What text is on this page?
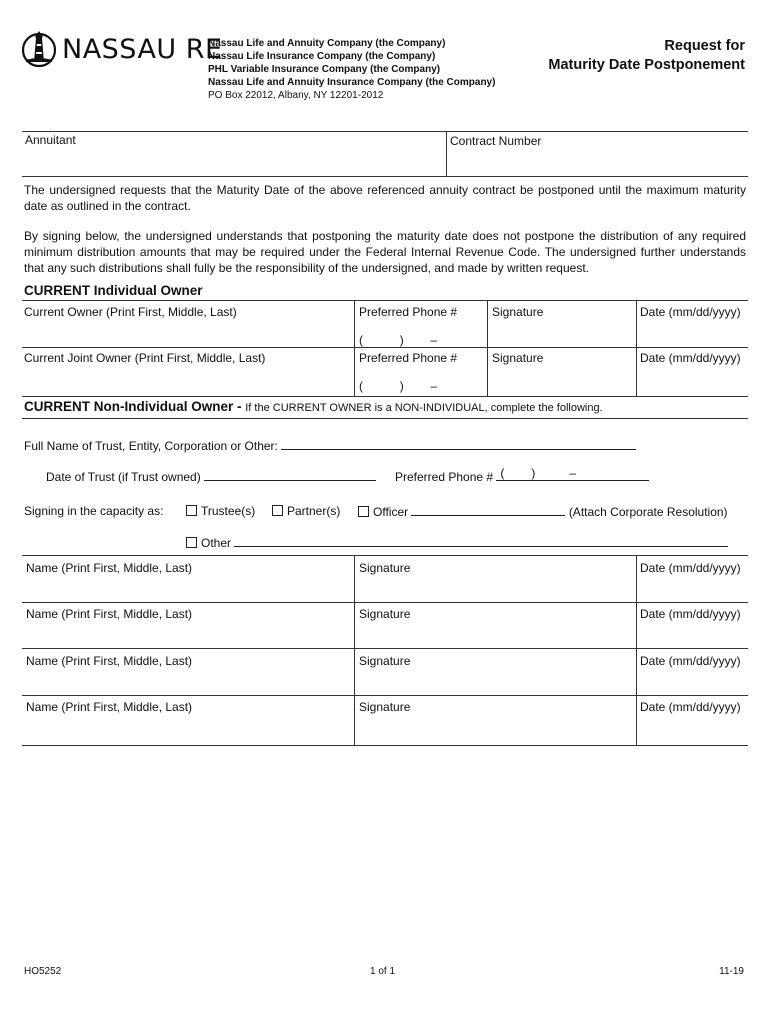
NASSAU RE
Nassau Life and Annuity Company (the Company)
Nassau Life Insurance Company (the Company)
PHL Variable Insurance Company (the Company)
Nassau Life and Annuity Insurance Company (the Company)
PO Box 22012, Albany, NY 12201-2012
Request for
Maturity Date Postponement
Annuitant	Contract Number
The undersigned requests that the Maturity Date of the above referenced annuity contract be postponed until the maximum maturity date as outlined in the contract.
By signing below, the undersigned understands that postponing the maturity date does not postpone the distribution of any required minimum distribution amounts that may be required under the Federal Internal Revenue Code. The undersigned further understands that any such distributions shall fully be the responsibility of the undersigned, and made by written request.
CURRENT Individual Owner
Current Owner (Print First, Middle, Last)	Preferred Phone #	Signature	Date (mm/dd/yyyy)
(	) –
Current Joint Owner (Print First, Middle, Last)	Preferred Phone #	Signature	Date (mm/dd/yyyy)
(	) –
CURRENT Non-Individual Owner - If the CURRENT OWNER is a NON-INDIVIDUAL, complete the following.
Full Name of Trust, Entity, Corporation or Other:
Date of Trust (if Trust owned)	Preferred Phone # ( )	–
Signing in the capacity as:	Trustee(s)	Partner(s)	Officer	(Attach Corporate Resolution)
Other
Name (Print First, Middle, Last)	Signature	Date (mm/dd/yyyy)
Name (Print First, Middle, Last)	Signature	Date (mm/dd/yyyy)
Name (Print First, Middle, Last)	Signature	Date (mm/dd/yyyy)
Name (Print First, Middle, Last)	Signature	Date (mm/dd/yyyy)
HO5252	1 of 1	11-19
